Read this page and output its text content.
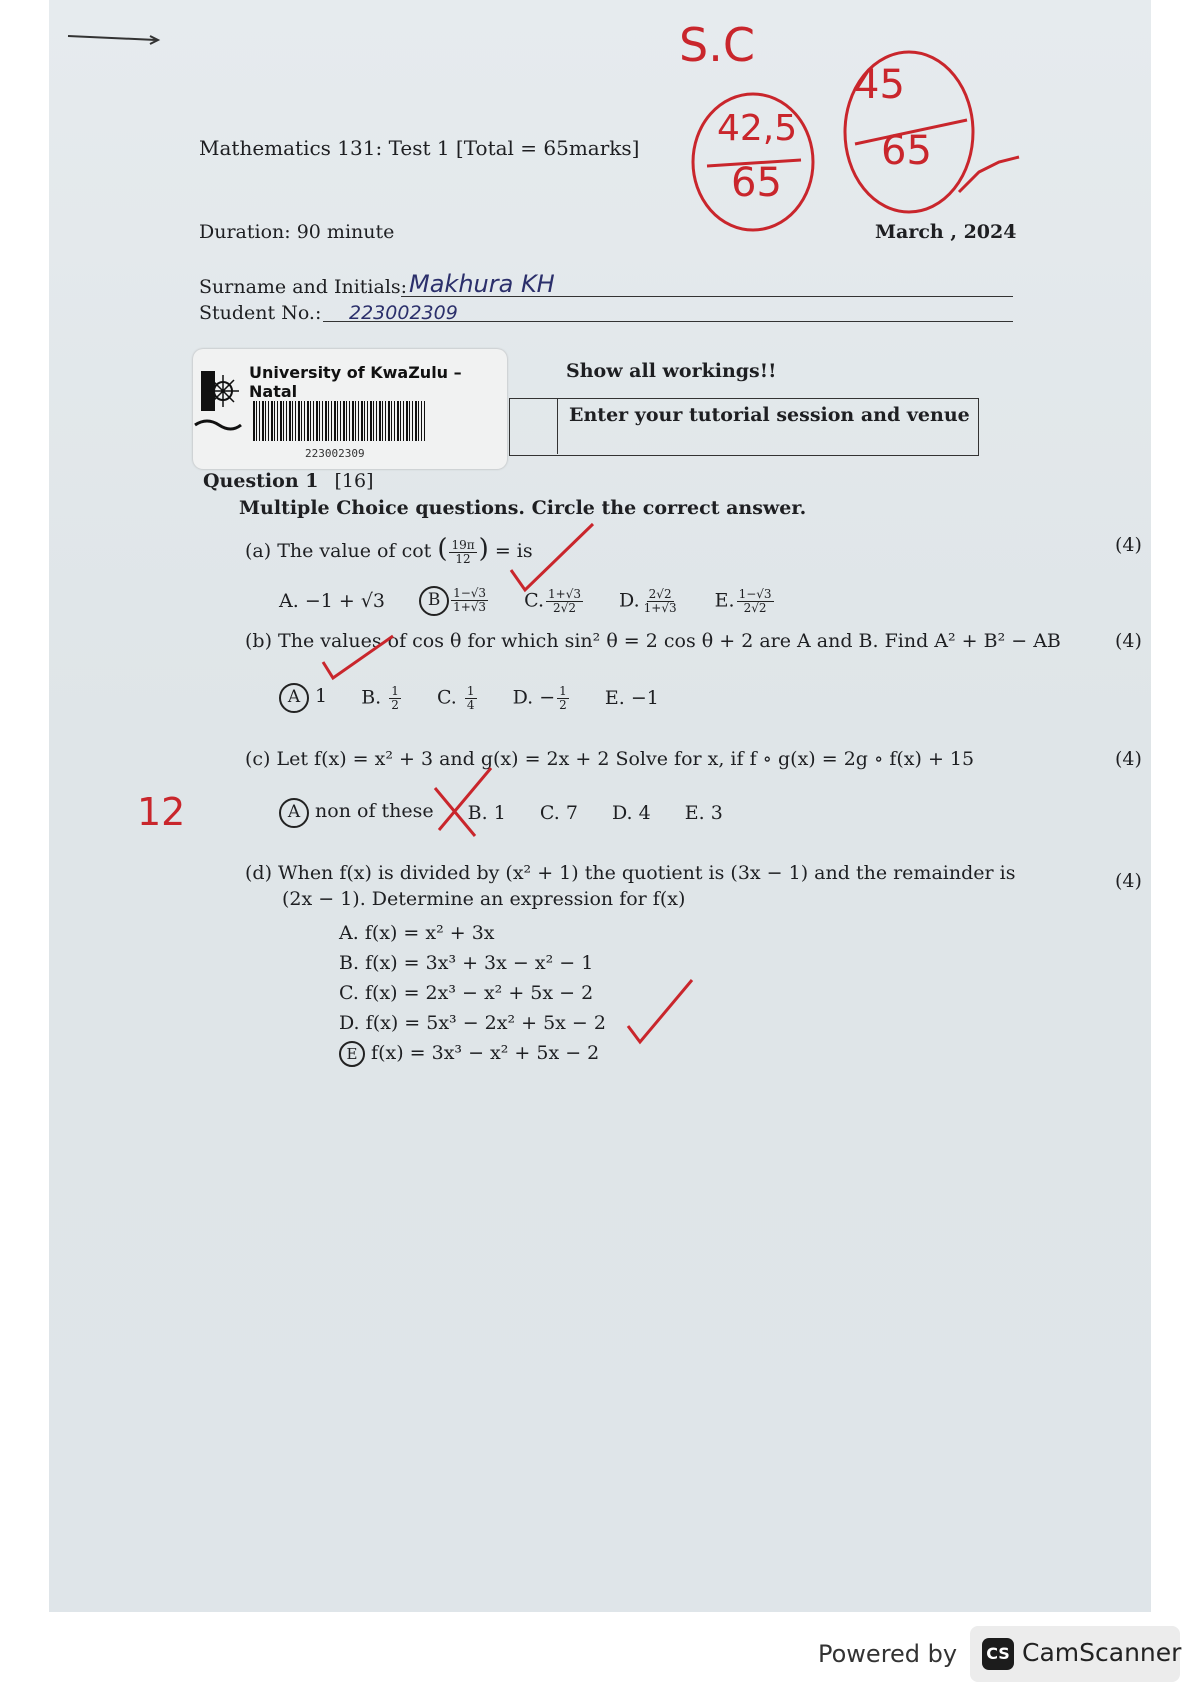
Mathematics 131: Test 1 [Total = 65marks]
Duration: 90 minute	March , 2024
S.C
42,5
65
45
65
Surname and Initials: Makhura KH
Student No.: 223002309
Show all workings!!
Enter your tutorial session and venue
Question 1 [16]
Multiple Choice questions. Circle the correct answer.
(a) The value of cot ( $\frac{19\pi}{12}$ ) = is	(4)
A. −1 + √3	B $\frac{1-√3}{1+√3} C$. $\frac{1+√3}{2√2} D$. $\frac{2√2}{1+√3} E$. $\frac{1-√3}{2√2}$
(b) The values of cos θ for which sin² θ = 2 cos θ + 2 are A and B. Find A² + B² − AB	(4)
A 1 B. $\frac{1}{2} C$. $\frac{1}{4} D$. − $\frac{1}{2} E$. −1
(c) Let f(x) = x² + 3 and g(x) = 2x + 2 Solve for x, if f ∘ g(x) = 2g ∘ f(x) + 15	(4)
12	A non of these B. 1 C. 7 D. 4 E. 3
(d) When f(x) is divided by (x² + 1) the quotient is (3x − 1) and the remainder is
(2x − 1). Determine an expression for f(x)
(4)
A. f(x) = x² + 3x
B. f(x) = 3x³ + 3x − x² − 1
C. f(x) = 2x³ − x² + 5x − 2
D. f(x) = 5x³ − 2x² + 5x − 2
E f(x) = 3x³ − x² + 5x − 2
University of KwaZulu – Natal
223002309
Powered by CS CamScanner
